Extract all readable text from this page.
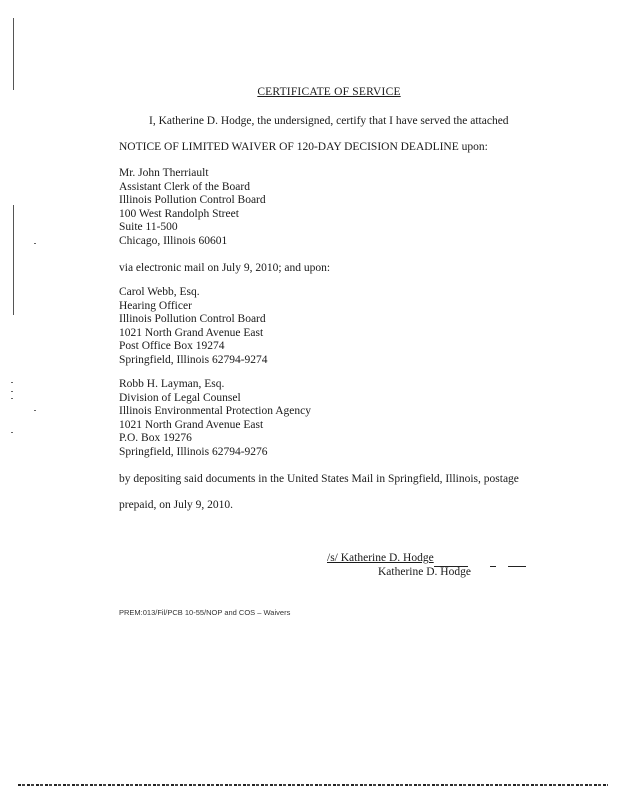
CERTIFICATE OF SERVICE
I, Katherine D. Hodge, the undersigned, certify that I have served the attached
NOTICE OF LIMITED WAIVER OF 120-DAY DECISION DEADLINE upon:
Mr. John Therriault
Assistant Clerk of the Board
Illinois Pollution Control Board
100 West Randolph Street
Suite 11-500
Chicago, Illinois 60601
via electronic mail on July 9, 2010; and upon:
Carol Webb, Esq.
Hearing Officer
Illinois Pollution Control Board
1021 North Grand Avenue East
Post Office Box 19274
Springfield, Illinois 62794-9274
Robb H. Layman, Esq.
Division of Legal Counsel
Illinois Environmental Protection Agency
1021 North Grand Avenue East
P.O. Box 19276
Springfield, Illinois 62794-9276
by depositing said documents in the United States Mail in Springfield, Illinois, postage
prepaid, on July 9, 2010.
/s/ Katherine D. Hodge
Katherine D. Hodge
PREM:013/Fil/PCB 10-55/NOP and COS – Waivers
